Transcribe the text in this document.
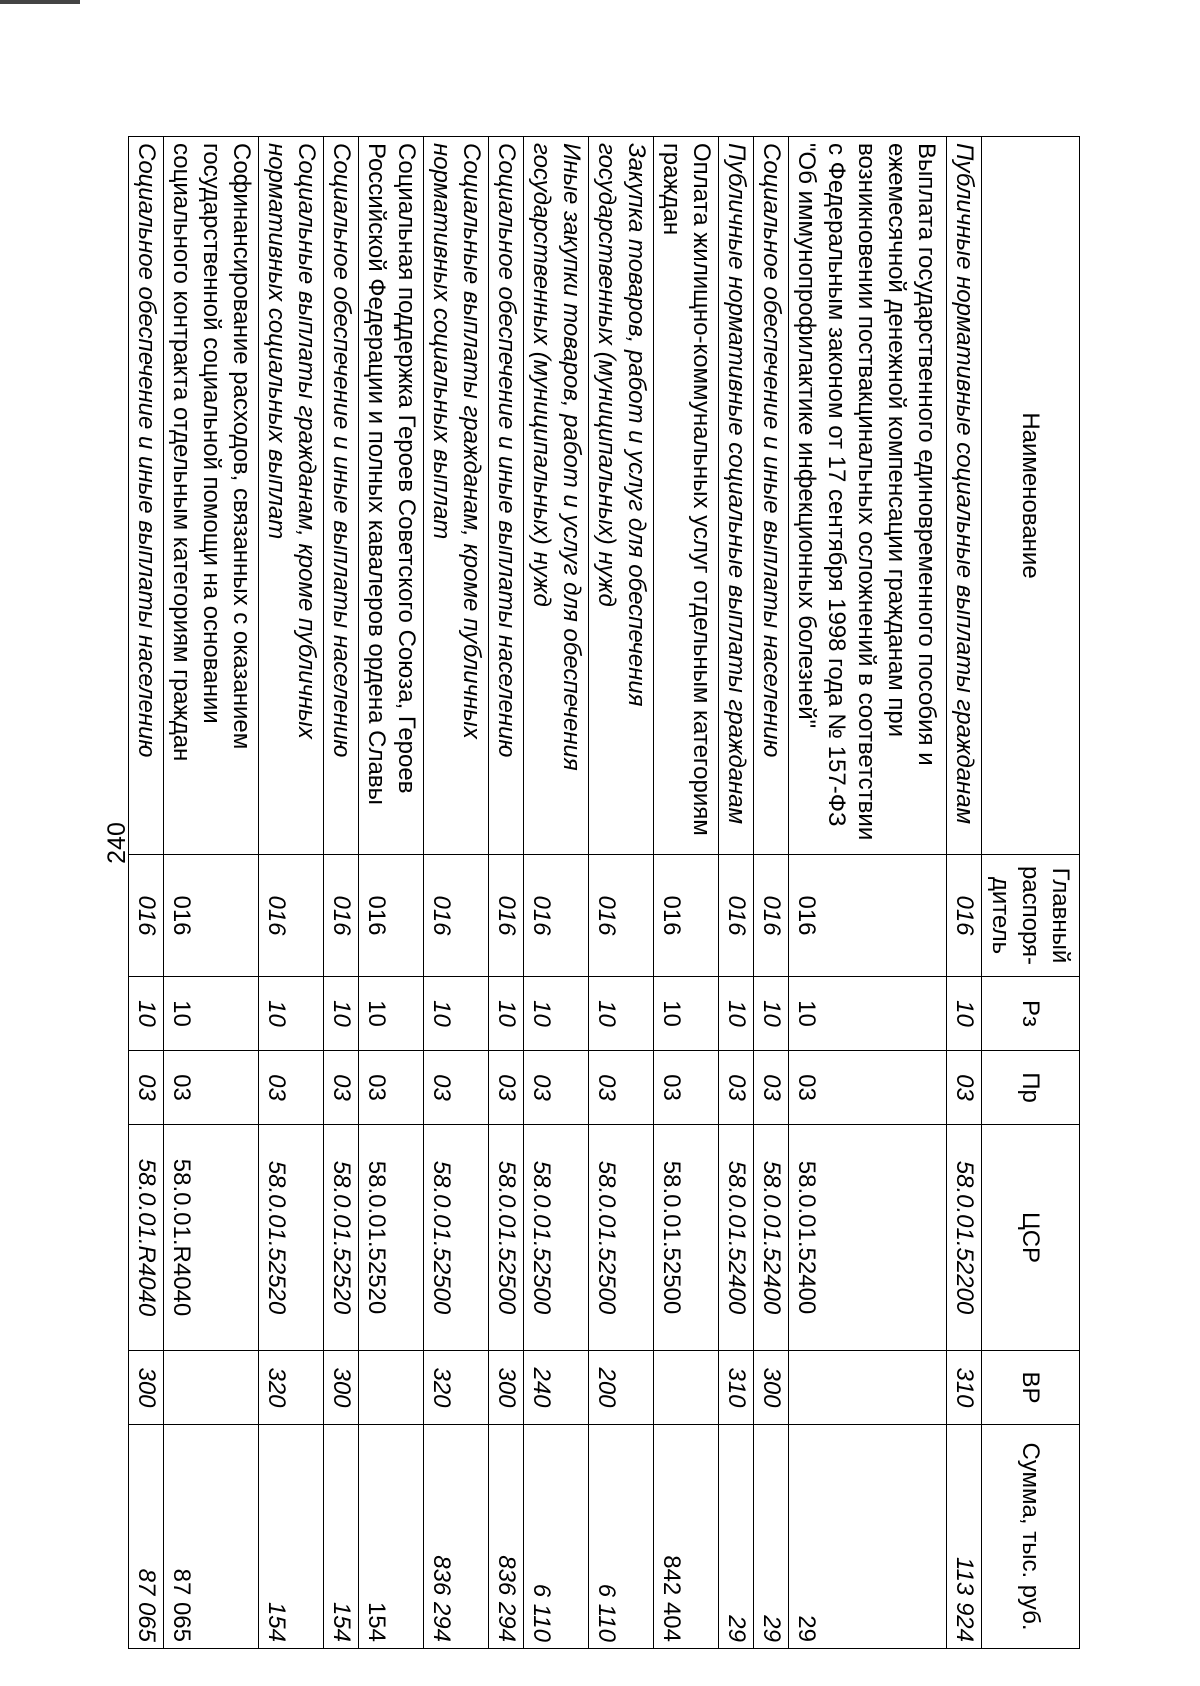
240
Наименование	Главный распоря-дитель	Рз	Пр	ЦСР	ВР	Сумма, тыс. руб.
Публичные нормативные социальные выплаты гражданам	016	10	03	58.0.01.52200	310	113 924
Выплата государственного единовременного пособия и ежемесячной денежной компенсации гражданам при возникновении поствакцинальных осложнений в соответствии с Федеральным законом от 17 сентября 1998 года № 157-ФЗ "Об иммунопрофилактике инфекционных болезней"	016	10	03	58.0.01.52400		29
Социальное обеспечение и иные выплаты населению	016	10	03	58.0.01.52400	300	29
Публичные нормативные социальные выплаты гражданам	016	10	03	58.0.01.52400	310	29
Оплата жилищно-коммунальных услуг отдельным категориям граждан	016	10	03	58.0.01.52500		842 404
Закупка товаров, работ и услуг для обеспечения государственных (муниципальных) нужд	016	10	03	58.0.01.52500	200	6 110
Иные закупки товаров, работ и услуг для обеспечения государственных (муниципальных) нужд	016	10	03	58.0.01.52500	240	6 110
Социальное обеспечение и иные выплаты населению	016	10	03	58.0.01.52500	300	836 294
Социальные выплаты гражданам, кроме публичных нормативных социальных выплат	016	10	03	58.0.01.52500	320	836 294
Социальная поддержка Героев Советского Союза, Героев Российской Федерации и полных кавалеров ордена Славы	016	10	03	58.0.01.52520		154
Социальное обеспечение и иные выплаты населению	016	10	03	58.0.01.52520	300	154
Социальные выплаты гражданам, кроме публичных нормативных социальных выплат	016	10	03	58.0.01.52520	320	154
Софинансирование расходов, связанных с оказанием государственной социальной помощи на основании социального контракта отдельным категориям граждан	016	10	03	58.0.01.R4040		87 065
Социальное обеспечение и иные выплаты населению	016	10	03	58.0.01.R4040	300	87 065
